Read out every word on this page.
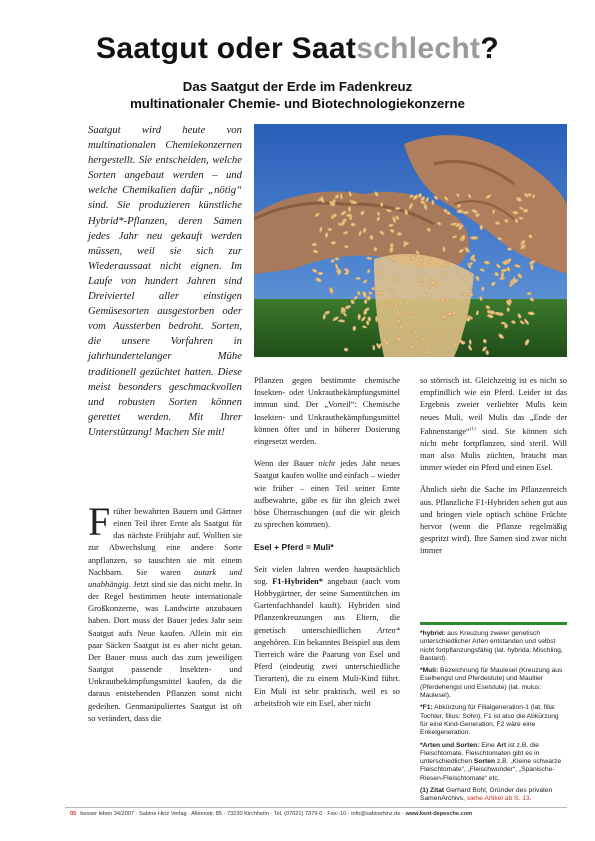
Saatgut oder Saatschlecht?
Das Saatgut der Erde im Fadenkreuz
multinationaler Chemie- und Biotechnologiekonzerne
Saatgut wird heute von multinationalen Chemiekonzernen hergestellt. Sie entscheiden, welche Sorten angebaut werden – und welche Chemikalien dafür „nötig“ sind. Sie produzieren künstliche Hybrid*-Pflanzen, deren Samen jedes Jahr neu gekauft werden müssen, weil sie sich zur Wiederaussaat nicht eignen. Im Laufe von hundert Jahren sind Dreiviertel aller einstigen Gemüsesorten ausgestorben oder vom Aussterben bedroht. Sorten, die unsere Vorfahren in jahrhundertelanger Mühe traditionell gezüchtet hatten. Diese meist besonders geschmackvollen und robusten Sorten können gerettet werden. Mit Ihrer Unterstützung! Machen Sie mit!
Früher bewahrten Bauern und Gärtner einen Teil ihrer Ernte als Saatgut für das nächste Frühjahr auf. Wollten sie zur Abwechslung eine andere Sorte anpflanzen, so tauschten sie mit einem Nachbarn. Sie waren autark und unabhängig. Jetzt sind sie das nicht mehr. In der Regel bestimmen heute internationale Großkonzerne, was Landwirte anzubauen haben. Dort muss der Bauer jedes Jahr sein Saatgut aufs Neue kaufen. Allein mit ein paar Säcken Saatgut ist es aber nicht getan. Der Bauer muss auch das zum jeweiligen Saatgut passende Insekten- und Unkrautbekämpfungsmittel kaufen, da die daraus entstehenden Pflanzen sonst nicht gedeihen. Genmanipuliertes Saatgut ist oft so verändert, dass die

Pflanzen gegen bestimmte chemische Insekten- oder Unkrautbekämpfungsmittel immun sind. Der „Vorteil“: Chemische Insekten- und Unkrautbekämpfungsmittel können öfter und in höherer Dosierung eingesetzt werden.

Wenn der Bauer nicht jedes Jahr neues Saatgut kaufen wollte und einfach – wieder wie früher – einen Teil seiner Ernte aufbewahrte, gäbe es für ihn gleich zwei böse Überraschungen (auf die wir gleich zu sprechen kommen).

Esel + Pferd = Muli*

Seit vielen Jahren werden hauptsächlich sog. F1-Hybriden* angebaut (auch vom Hobbygärtner, der seine Samentütchen im Gartenfachhandel kauft). Hybriden sind Pflanzenkreuzungen aus Eltern, die genetisch unterschiedlichen Arten* angehören. Ein bekanntes Beispiel aus dem Tierreich wäre die Paarung von Esel und Pferd (eindeutig zwei unterschiedliche Tierarten), die zu einem Muli-Kind führt. Ein Muli ist sehr praktisch, weil es so arbeitsfroh wie ein Esel, aber nicht

so störrisch ist. Gleichzeitig ist es nicht so empfindlich wie ein Pferd. Leider ist das Ergebnis zweier verliebter Mulis kein neues Muli, weil Mulis das „Ende der Fahnenstange“$^{(1)}$ sind. Sie können sich nicht mehr fortpflanzen, sind steril. Will man also Mulis züchten, braucht man immer wieder ein Pferd und einen Esel.

Ähnlich sieht die Sache im Pflanzenreich aus. Pflanzliche F1-Hybriden sehen gut aus und bringen viele optisch schöne Früchte hervor (wenn die Pflanze regelmäßig gespritzt wird). Ihre Samen sind zwar nicht immer

*hybrid: aus Kreuzung zweier genetisch unterschiedlicher Arten entstanden und selbst nicht fortpflanzungsfähig (lat. hybrida: Mischling, Bastard).
*Muli: Bezeichnung für Maulesel (Kreuzung aus Eselhengst und Pferdestute) und Maultier (Pferdehengst und Eselstute) (lat. mulus: Maulesel).
*F1: Abkürzung für Filialgeneration-1 (lat. filia: Tochter, filius: Sohn), F1 ist also die Abkürzung für eine Kind-Generation, F2 wäre eine Enkelgeneration.
*Arten und Sorten: Eine Art ist z.B. die Fleischtomate. Fleischtomaten gibt es in unterschiedlichen Sorten z.B. „Kleine schwarze Fleischtomate“, „Fleischwunder“, „Spanische-Riesen-Fleischtomate“ etc.
(1) Zitat Gerhard Bohl, Gründer des privaten SamenArchivs, siehe Artikel ab S. 13.
05 besser leben 34/2007 · Sabine Hinz Verlag · Alleenstr. 85 · 73230 Kirchheim · Tel. (07021) 7379-0 · Fax:-10 · info@sabinehinz.de · www.kent-depesche.com
